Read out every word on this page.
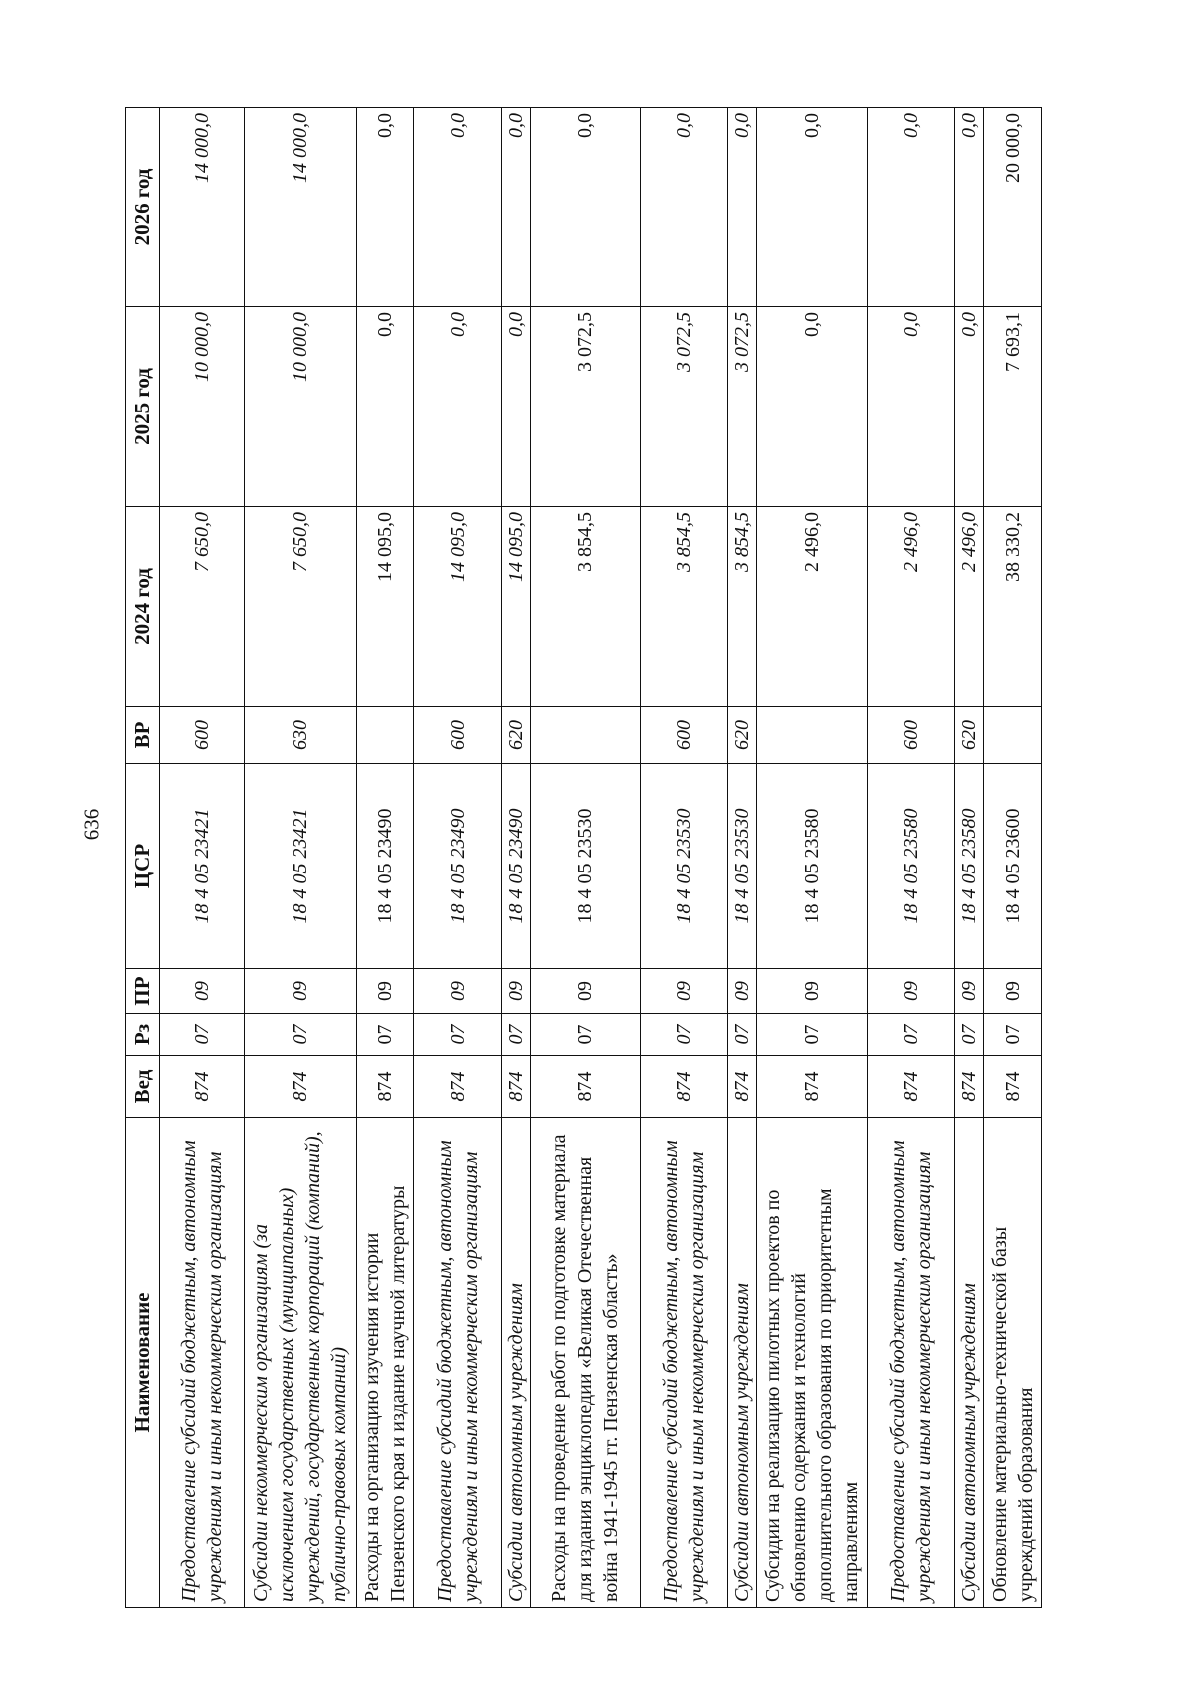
636
Наименование	Вед	Рз	ПР	ЦСР	ВР	2024 год	2025 год	2026 год
Предоставление субсидий бюджетным, автономным учреждениям и иным некоммерческим организациям	874	07	09	18 4 05 23421	600	7 650,0	10 000,0	14 000,0
Субсидии некоммерческим организациям (за исключением государственных (муниципальных) учреждений, государственных корпораций (компаний), публично-правовых компаний)	874	07	09	18 4 05 23421	630	7 650,0	10 000,0	14 000,0
Расходы на организацию изучения истории Пензенского края и издание научной литературы	874	07	09	18 4 05 23490		14 095,0	0,0	0,0
Предоставление субсидий бюджетным, автономным учреждениям и иным некоммерческим организациям	874	07	09	18 4 05 23490	600	14 095,0	0,0	0,0
Субсидии автономным учреждениям	874	07	09	18 4 05 23490	620	14 095,0	0,0	0,0
Расходы на проведение работ по подготовке материала для издания энциклопедии «Великая Отечественная война 1941-1945 гг. Пензенская область»	874	07	09	18 4 05 23530		3 854,5	3 072,5	0,0
Предоставление субсидий бюджетным, автономным учреждениям и иным некоммерческим организациям	874	07	09	18 4 05 23530	600	3 854,5	3 072,5	0,0
Субсидии автономным учреждениям	874	07	09	18 4 05 23530	620	3 854,5	3 072,5	0,0
Субсидии на реализацию пилотных проектов по обновлению содержания и технологий дополнительного образования по приоритетным направлениям	874	07	09	18 4 05 23580		2 496,0	0,0	0,0
Предоставление субсидий бюджетным, автономным учреждениям и иным некоммерческим организациям	874	07	09	18 4 05 23580	600	2 496,0	0,0	0,0
Субсидии автономным учреждениям	874	07	09	18 4 05 23580	620	2 496,0	0,0	0,0
Обновление материально-технической базы учреждений образования	874	07	09	18 4 05 23600		38 330,2	7 693,1	20 000,0
